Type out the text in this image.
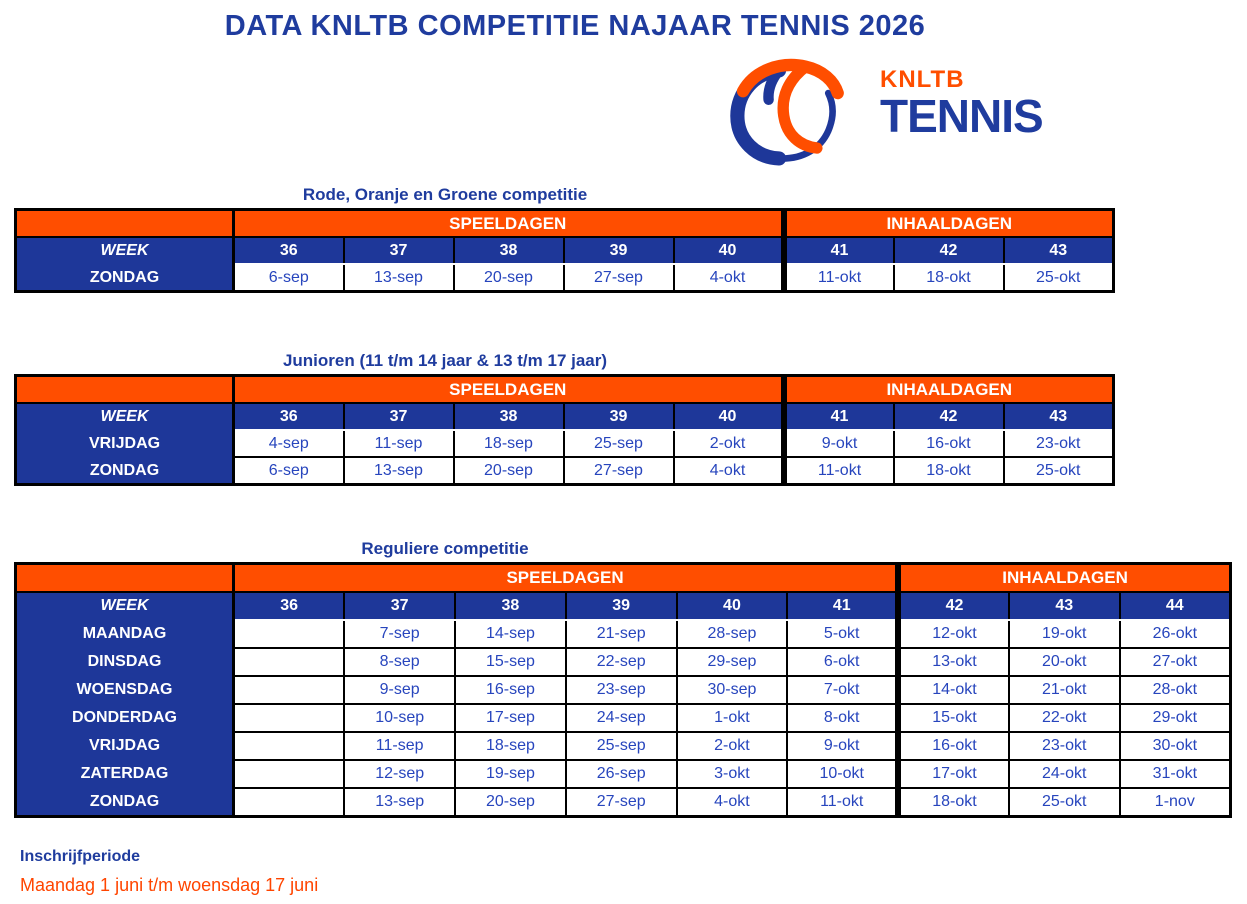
DATA KNLTB COMPETITIE NAJAAR TENNIS 2026
KNLTB
TENNIS
Rode, Oranje en Groene competitie
	SPEELDAGEN					INHAALDAGEN		
WEEK	36	37	38	39	40	41	42	43
ZONDAG	6-sep	13-sep	20-sep	27-sep	4-okt	11-okt	18-okt	25-okt
Junioren (11 t/m 14 jaar & 13 t/m 17 jaar)
	SPEELDAGEN					INHAALDAGEN		
WEEK	36	37	38	39	40	41	42	43
VRIJDAG	4-sep	11-sep	18-sep	25-sep	2-okt	9-okt	16-okt	23-okt
ZONDAG	6-sep	13-sep	20-sep	27-sep	4-okt	11-okt	18-okt	25-okt
Reguliere competitie
	SPEELDAGEN						INHAALDAGEN		
WEEK	36	37	38	39	40	41	42	43	44
MAANDAG		7-sep	14-sep	21-sep	28-sep	5-okt	12-okt	19-okt	26-okt
DINSDAG		8-sep	15-sep	22-sep	29-sep	6-okt	13-okt	20-okt	27-okt
WOENSDAG		9-sep	16-sep	23-sep	30-sep	7-okt	14-okt	21-okt	28-okt
DONDERDAG		10-sep	17-sep	24-sep	1-okt	8-okt	15-okt	22-okt	29-okt
VRIJDAG		11-sep	18-sep	25-sep	2-okt	9-okt	16-okt	23-okt	30-okt
ZATERDAG		12-sep	19-sep	26-sep	3-okt	10-okt	17-okt	24-okt	31-okt
ZONDAG		13-sep	20-sep	27-sep	4-okt	11-okt	18-okt	25-okt	1-nov
Inschrijfperiode
Maandag 1 juni t/m woensdag 17 juni
